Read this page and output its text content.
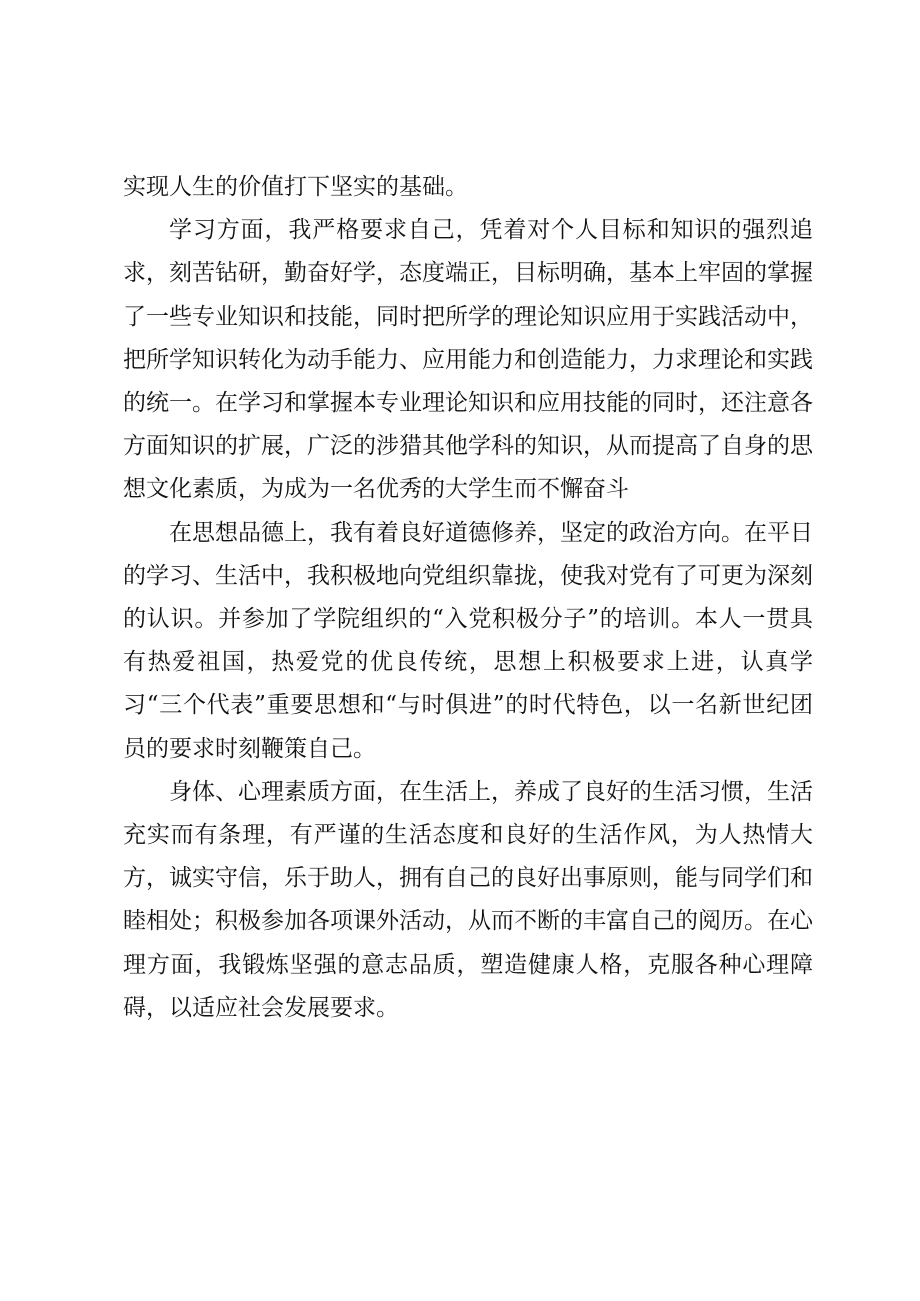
实现人生的价值打下坚实的基础。

学习方面，我严格要求自己，凭着对个人目标和知识的强烈追求，刻苦钻研，勤奋好学，态度端正，目标明确，基本上牢固的掌握了一些专业知识和技能，同时把所学的理论知识应用于实践活动中，把所学知识转化为动手能力、应用能力和创造能力，力求理论和实践的统一。在学习和掌握本专业理论知识和应用技能的同时，还注意各方面知识的扩展，广泛的涉猎其他学科的知识，从而提高了自身的思想文化素质，为成为一名优秀的大学生而不懈奋斗

在思想品德上，我有着良好道德修养，坚定的政治方向。在平日的学习、生活中，我积极地向党组织靠拢，使我对党有了可更为深刻的认识。并参加了学院组织的“入党积极分子”的培训。本人一贯具有热爱祖国，热爱党的优良传统，思想上积极要求上进，认真学习“三个代表”重要思想和“与时俱进”的时代特色，以一名新世纪团员的要求时刻鞭策自己。

身体、心理素质方面，在生活上，养成了良好的生活习惯，生活充实而有条理，有严谨的生活态度和良好的生活作风，为人热情大方，诚实守信，乐于助人，拥有自己的良好出事原则，能与同学们和睦相处；积极参加各项课外活动，从而不断的丰富自己的阅历。在心理方面，我锻炼坚强的意志品质，塑造健康人格，克服各种心理障碍，以适应社会发展要求。
